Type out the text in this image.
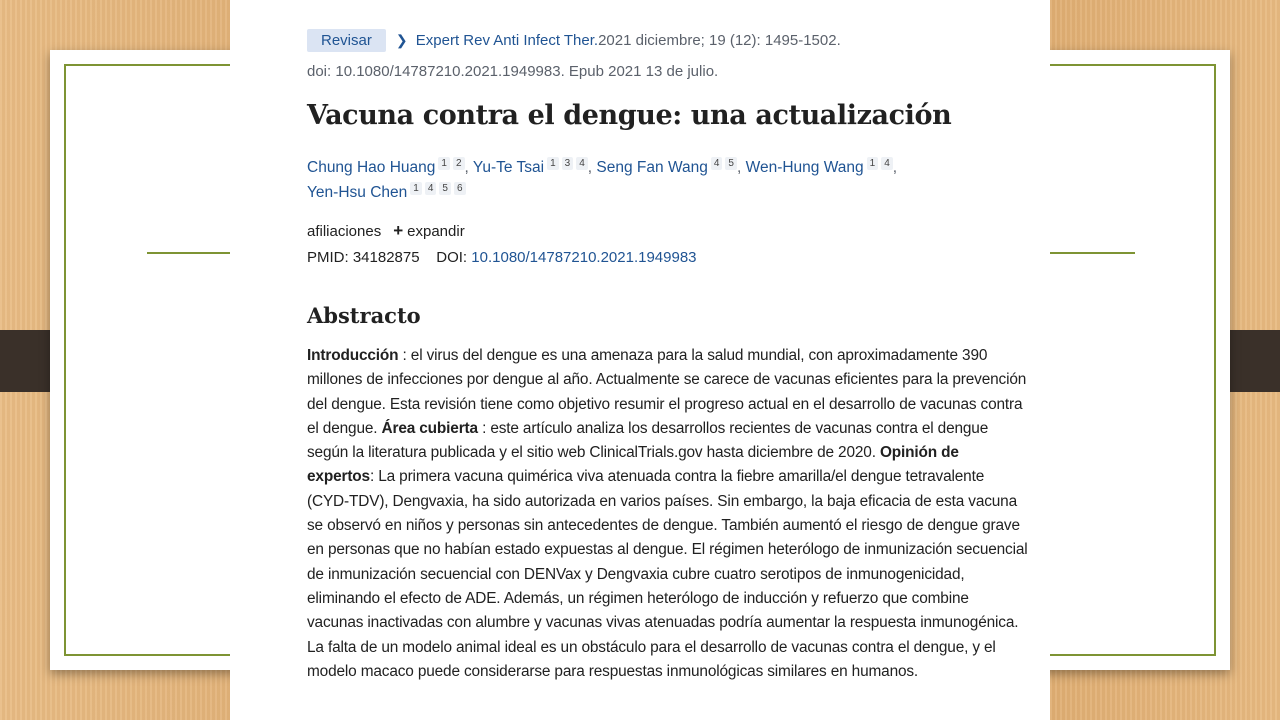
Revisar ❯ Expert Rev Anti Infect Ther.2021 diciembre; 19 (12): 1495-1502.
doi: 10.1080/14787210.2021.1949983. Epub 2021 13 de julio.
Vacuna contra el dengue: una actualización
Chung Hao Huang 1 2 , Yu-Te Tsai 1 3 4 , Seng Fan Wang 4 5 , Wen-Hung Wang 1 4 ,
Yen-Hsu Chen 1 4 5 6
afiliaciones + expandir
PMID: 34182875 DOI: 10.1080/14787210.2021.1949983
Abstracto
Introducción : el virus del dengue es una amenaza para la salud mundial, con aproximadamente 390 millones de infecciones por dengue al año. Actualmente se carece de vacunas eficientes para la prevención del dengue. Esta revisión tiene como objetivo resumir el progreso actual en el desarrollo de vacunas contra el dengue. Área cubierta : este artículo analiza los desarrollos recientes de vacunas contra el dengue según la literatura publicada y el sitio web ClinicalTrials.gov hasta diciembre de 2020. Opinión de expertos: La primera vacuna quimérica viva atenuada contra la fiebre amarilla/el dengue tetravalente (CYD-TDV), Dengvaxia, ha sido autorizada en varios países. Sin embargo, la baja eficacia de esta vacuna se observó en niños y personas sin antecedentes de dengue. También aumentó el riesgo de dengue grave en personas que no habían estado expuestas al dengue. El régimen heterólogo de inmunización secuencial de inmunización secuencial con DENVax y Dengvaxia cubre cuatro serotipos de inmunogenicidad, eliminando el efecto de ADE. Además, un régimen heterólogo de inducción y refuerzo que combine vacunas inactivadas con alumbre y vacunas vivas atenuadas podría aumentar la respuesta inmunogénica. La falta de un modelo animal ideal es un obstáculo para el desarrollo de vacunas contra el dengue, y el modelo macaco puede considerarse para respuestas inmunológicas similares en humanos.
